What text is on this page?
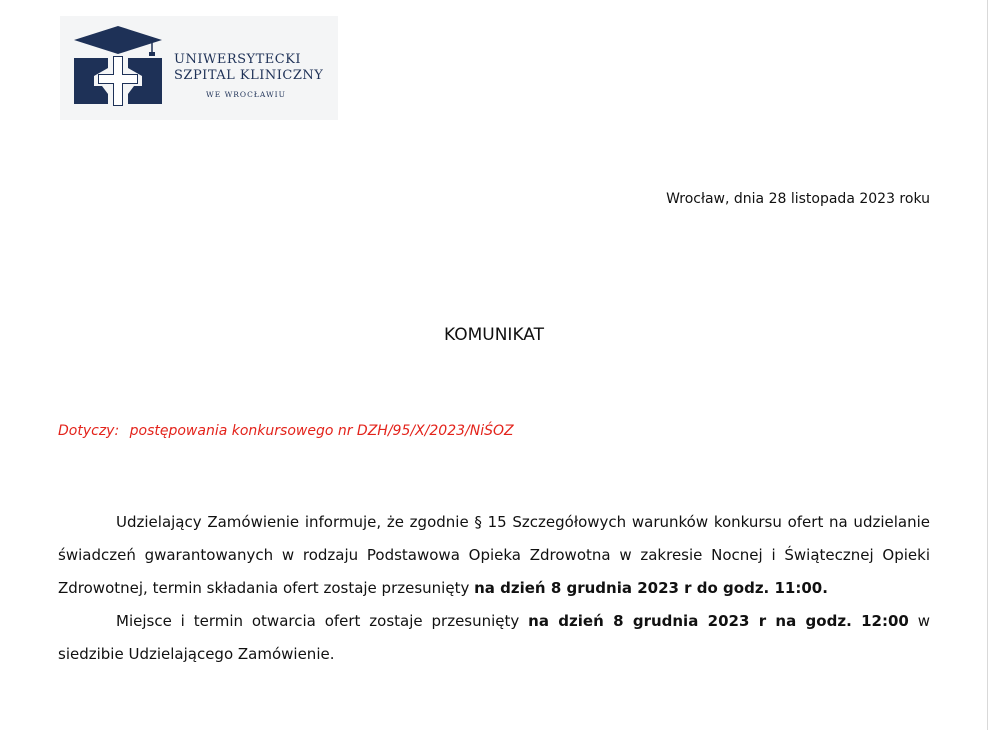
UNIWERSYTECKI
SZPITAL KLINICZNY
WE WROCŁAWIU
Wrocław, dnia 28 listopada 2023 roku
KOMUNIKAT
Dotyczy: postępowania konkursowego nr DZH/95/X/2023/NiŚOZ

Udzielający Zamówienie informuje, że zgodnie § 15 Szczegółowych warunków konkursu ofert na udzielanie świadczeń gwarantowanych w rodzaju Podstawowa Opieka Zdrowotna w zakresie Nocnej i Świątecznej Opieki Zdrowotnej, termin składania ofert zostaje przesunięty na dzień 8 grudnia 2023 r do godz. 11:00.

Miejsce i termin otwarcia ofert zostaje przesunięty na dzień 8 grudnia 2023 r na godz. 12:00 w siedzibie Udzielającego Zamówienie.
